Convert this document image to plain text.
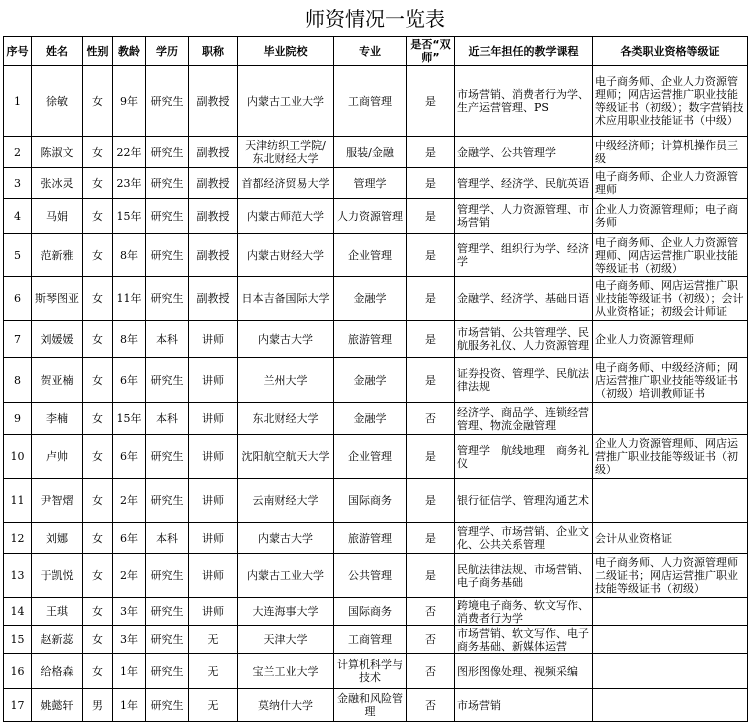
师资情况一览表
序号	姓名	性别	教龄	学历	职称	毕业院校	专业	是否“双师”	近三年担任的教学课程	各类职业资格等级证
1	徐敏	女	9年	研究生	副教授	内蒙古工业大学	工商管理	是	市场营销、消费者行为学、生产运营管理、PS	电子商务师、企业人力资源管理师；网店运营推广职业技能等级证书（初级）；数字营销技术应用职业技能证书（中级）
2	陈淑文	女	22年	研究生	副教授	天津纺织工学院/东北财经大学	服装/金融	是	金融学、公共管理学	中级经济师；计算机操作员三级
3	张冰灵	女	23年	研究生	副教授	首都经济贸易大学	管理学	是	管理学、经济学、民航英语	电子商务师、企业人力资源管理师
4	马娟	女	15年	研究生	副教授	内蒙古师范大学	人力资源管理	是	管理学、人力资源管理、市场营销	企业人力资源管理师；电子商务师
5	范新雅	女	8年	研究生	副教授	内蒙古财经大学	企业管理	是	管理学、组织行为学、经济学	电子商务师、企业人力资源管理师、网店运营推广职业技能等级证书（初级）
6	斯琴图亚	女	11年	研究生	副教授	日本吉备国际大学	金融学	是	金融学、经济学、基础日语	电子商务师、网店运营推广职业技能等级证书（初级）；会计从业资格证；初级会计师证
7	刘媛媛	女	8年	本科	讲师	内蒙古大学	旅游管理	是	市场营销、公共管理学、民航服务礼仪、人力资源管理	企业人力资源管理师
8	贺亚楠	女	6年	研究生	讲师	兰州大学	金融学	是	证券投资、管理学、民航法律法规	电子商务师、中级经济师；网店运营推广职业技能等级证书（初级）培训教师证书
9	李楠	女	15年	本科	讲师	东北财经大学	金融学	否	经济学、商品学、连锁经营管理、物流金融管理	
10	卢帅	女	6年	研究生	讲师	沈阳航空航天大学	企业管理	是	管理学　航线地理　商务礼仪	企业人力资源管理师、网店运营推广职业技能等级证书（初级）
11	尹智熠	女	2年	研究生	讲师	云南财经大学	国际商务	是	银行征信学、管理沟通艺术	
12	刘娜	女	6年	本科	讲师	内蒙古大学	旅游管理	是	管理学、市场营销、企业文化、公共关系管理	会计从业资格证
13	于凯悦	女	2年	研究生	讲师	内蒙古工业大学	公共管理	是	民航法律法规、市场营销、电子商务基础	电子商务师、人力资源管理师二级证书；网店运营推广职业技能等级证书（初级）
14	王琪	女	3年	研究生	讲师	大连海事大学	国际商务	否	跨境电子商务、软文写作、消费者行为学	
15	赵新蕊	女	3年	研究生	无	天津大学	工商管理	否	市场营销、软文写作、电子商务基础、新媒体运营	
16	给格森	女	1年	研究生	无	宝兰工业大学	计算机科学与技术	否	图形图像处理、视频采编	
17	姚懿轩	男	1年	研究生	无	莫纳什大学	金融和风险管理	否	市场营销	
